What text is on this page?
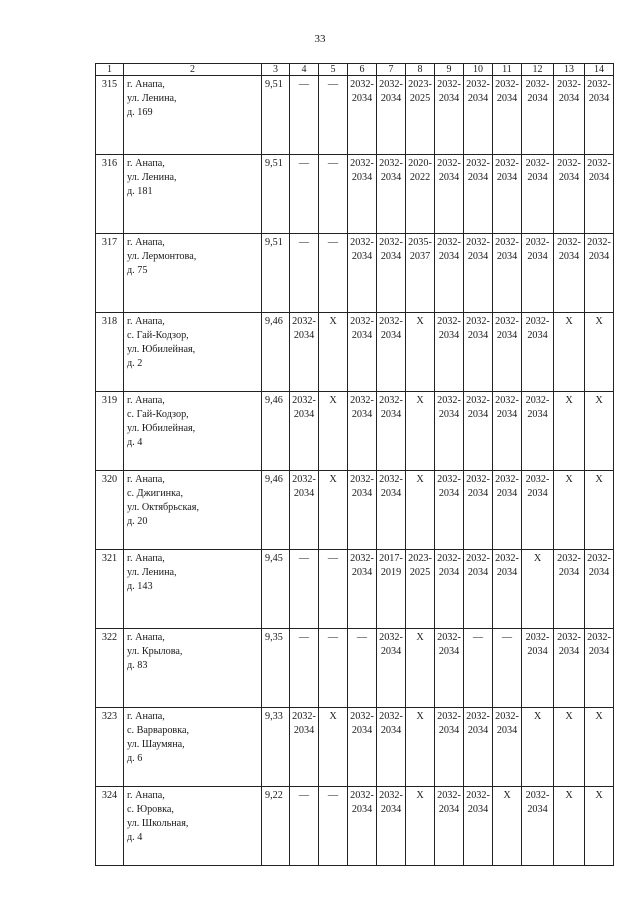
33
1	2	3	4	5	6	7	8	9	10	11	12	13	14
315	г. Анапа,
ул. Ленина,
д. 169	9,51	—	—	2032-
2034	2032-
2034	2023-
2025	2032-
2034	2032-
2034	2032-
2034	2032-
2034	2032-
2034	2032-
2034

316	г. Анапа,
ул. Ленина,
д. 181	9,51	—	—	2032-
2034	2032-
2034	2020-
2022	2032-
2034	2032-
2034	2032-
2034	2032-
2034	2032-
2034	2032-
2034

317	г. Анапа,
ул. Лермонтова,
д. 75	9,51	—	—	2032-
2034	2032-
2034	2035-
2037	2032-
2034	2032-
2034	2032-
2034	2032-
2034	2032-
2034	2032-
2034

318	г. Анапа,
с. Гай-Кодзор,
ул. Юбилейная,
д. 2	9,46	2032-
2034	Х	2032-
2034	2032-
2034	Х	2032-
2034	2032-
2034	2032-
2034	2032-
2034	Х	Х

319	г. Анапа,
с. Гай-Кодзор,
ул. Юбилейная,
д. 4	9,46	2032-
2034	Х	2032-
2034	2032-
2034	Х	2032-
2034	2032-
2034	2032-
2034	2032-
2034	Х	Х

320	г. Анапа,
с. Джигинка,
ул. Октябрьская,
д. 20	9,46	2032-
2034	Х	2032-
2034	2032-
2034	Х	2032-
2034	2032-
2034	2032-
2034	2032-
2034	Х	Х

321	г. Анапа,
ул. Ленина,
д. 143	9,45	—	—	2032-
2034	2017-
2019	2023-
2025	2032-
2034	2032-
2034	2032-
2034	Х	2032-
2034	2032-
2034

322	г. Анапа,
ул. Крылова,
д. 83	9,35	—	—	—	2032-
2034	Х	2032-
2034	—	—	2032-
2034	2032-
2034	2032-
2034

323	г. Анапа,
с. Варваровка,
ул. Шаумяна,
д. 6	9,33	2032-
2034	Х	2032-
2034	2032-
2034	Х	2032-
2034	2032-
2034	2032-
2034	Х	Х	Х

324	г. Анапа,
с. Юровка,
ул. Школьная,
д. 4	9,22	—	—	2032-
2034	2032-
2034	Х	2032-
2034	2032-
2034	Х	2032-
2034	Х	Х
